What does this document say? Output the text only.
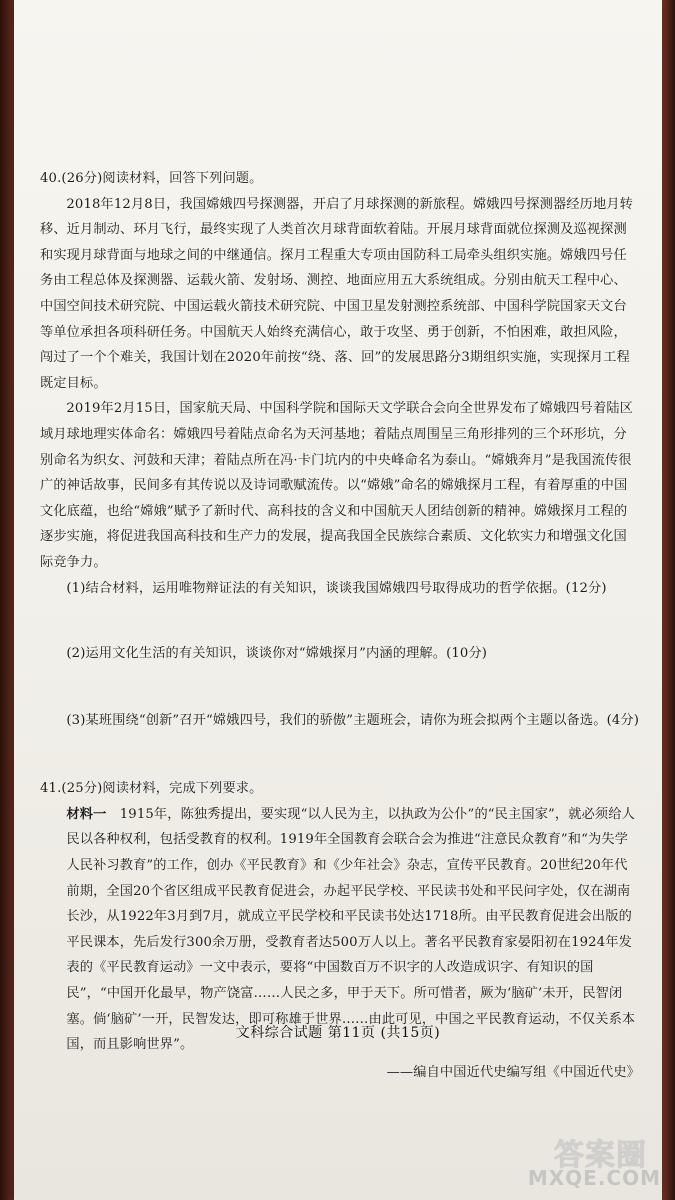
40.(26分)阅读材料，回答下列问题。

2018年12月8日，我国嫦娥四号探测器，开启了月球探测的新旅程。嫦娥四号探测器经历地月转移、近月制动、环月飞行，最终实现了人类首次月球背面软着陆。开展月球背面就位探测及巡视探测和实现月球背面与地球之间的中继通信。探月工程重大专项由国防科工局牵头组织实施。嫦娥四号任务由工程总体及探测器、运载火箭、发射场、测控、地面应用五大系统组成。分别由航天工程中心、中国空间技术研究院、中国运载火箭技术研究院、中国卫星发射测控系统部、中国科学院国家天文台等单位承担各项科研任务。中国航天人始终充满信心，敢于攻坚、勇于创新，不怕困难，敢担风险，闯过了一个个难关，我国计划在2020年前按“绕、落、回”的发展思路分3期组织实施，实现探月工程既定目标。

2019年2月15日，国家航天局、中国科学院和国际天文学联合会向全世界发布了嫦娥四号着陆区域月球地理实体命名：嫦娥四号着陆点命名为天河基地；着陆点周围呈三角形排列的三个环形坑，分别命名为织女、河鼓和天津；着陆点所在冯·卡门坑内的中央峰命名为泰山。“嫦娥奔月”是我国流传很广的神话故事，民间多有其传说以及诗词歌赋流传。以“嫦娥”命名的嫦娥探月工程，有着厚重的中国文化底蕴，也给“嫦娥”赋予了新时代、高科技的含义和中国航天人团结创新的精神。嫦娥探月工程的逐步实施，将促进我国高科技和生产力的发展，提高我国全民族综合素质、文化软实力和增强文化国际竞争力。

(1)结合材料，运用唯物辩证法的有关知识，谈谈我国嫦娥四号取得成功的哲学依据。(12分)

(2)运用文化生活的有关知识，谈谈你对“嫦娥探月”内涵的理解。(10分)

(3)某班围绕“创新”召开“嫦娥四号，我们的骄傲”主题班会，请你为班会拟两个主题以备选。(4分)

41.(25分)阅读材料，完成下列要求。

材料一　1915年，陈独秀提出，要实现“以人民为主，以执政为公仆”的“民主国家”，就必须给人民以各种权利，包括受教育的权利。1919年全国教育会联合会为推进“注意民众教育”和“为失学人民补习教育”的工作，创办《平民教育》和《少年社会》杂志，宣传平民教育。20世纪20年代前期，全国20个省区组成平民教育促进会，办起平民学校、平民读书处和平民问字处，仅在湖南长沙，从1922年3月到7月，就成立平民学校和平民读书处达1718所。由平民教育促进会出版的平民课本，先后发行300余万册，受教育者达500万人以上。著名平民教育家晏阳初在1924年发表的《平民教育运动》一文中表示，要将“中国数百万不识字的人改造成识字、有知识的国民”，“中国开化最早，物产饶富……人民之多，甲于天下。所可惜者，厥为‘脑矿’未开，民智闭塞。倘‘脑矿’一开，民智发达，即可称雄于世界……由此可见，中国之平民教育运动，不仅关系本国，而且影响世界”。

——编自中国近代史编写组《中国近代史》

文科综合试题 第11页 (共15页)
答案圈
MXQE.COM
